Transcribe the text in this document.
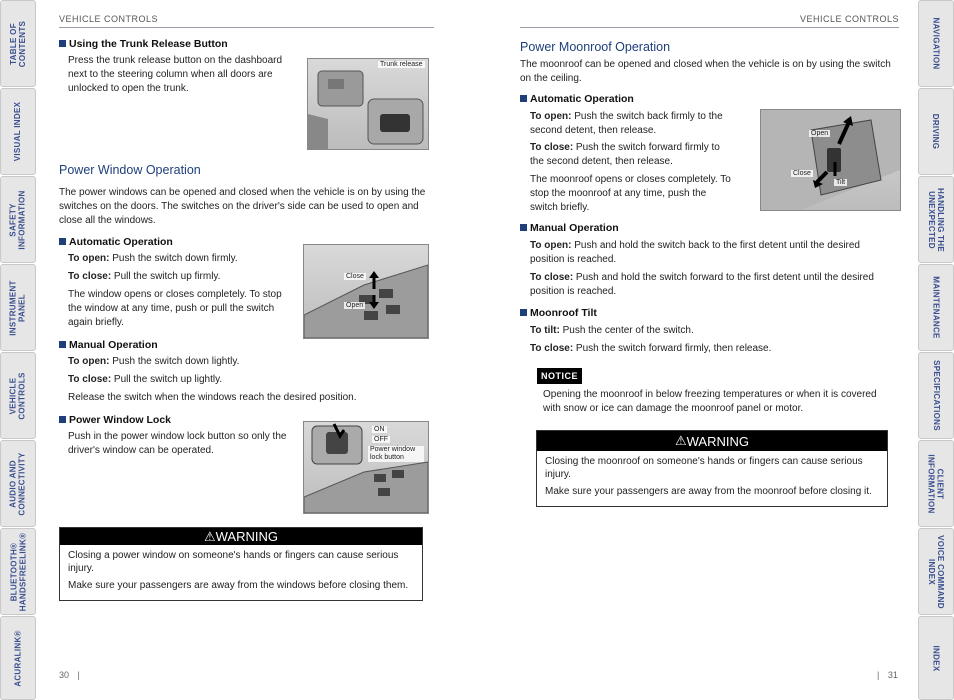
TABLE OF
CONTENTS
VISUAL INDEX
SAFETY
INFORMATION
INSTRUMENT
PANEL
VEHICLE
CONTROLS
AUDIO AND
CONNECTIVITY
BLUETOOTH®
HANDSFREELINK®
ACURALINK®
NAVIGATION
DRIVING
HANDLING THE
UNEXPECTED
MAINTENANCE
SPECIFICATIONS
CLIENT
INFORMATION
VOICE COMMAND
INDEX
INDEX
VEHICLE CONTROLS
Using the Trunk Release Button
Press the trunk release button on the dashboard next to the steering column when all doors are unlocked to open the trunk.
Trunk release
Power Window Operation
The power windows can be opened and closed when the vehicle is on by using the switches on the doors. The switches on the driver's side can be used to open and close all the windows.
Automatic Operation
To open: Push the switch down firmly.
To close: Pull the switch up firmly.
The window opens or closes completely. To stop the window at any time, push or pull the switch again briefly.
Close
Open
Manual Operation
To open: Push the switch down lightly.
To close: Pull the switch up lightly.
Release the switch when the windows reach the desired position.
Power Window Lock
Push in the power window lock button so only the driver's window can be operated.
ON
OFF
Power window lock button
⚠ WARNING
Closing a power window on someone's hands or fingers can cause serious injury.
Make sure your passengers are away from the windows before closing them.
30 |
VEHICLE CONTROLS
Power Moonroof Operation
The moonroof can be opened and closed when the vehicle is on by using the switch on the ceiling.
Automatic Operation
To open: Push the switch back firmly to the second detent, then release.
To close: Push the switch forward firmly to the second detent, then release.
The moonroof opens or closes completely. To stop the moonroof at any time, push the switch briefly.
Open
Close
Tilt
Manual Operation
To open: Push and hold the switch back to the first detent until the desired position is reached.
To close: Push and hold the switch forward to the first detent until the desired position is reached.
Moonroof Tilt
To tilt: Push the center of the switch.
To close: Push the switch forward firmly, then release.
NOTICE
Opening the moonroof in below freezing temperatures or when it is covered with snow or ice can damage the moonroof panel or motor.
⚠ WARNING
Closing the moonroof on someone's hands or fingers can cause serious injury.
Make sure your passengers are away from the moonroof before closing it.
| 31
